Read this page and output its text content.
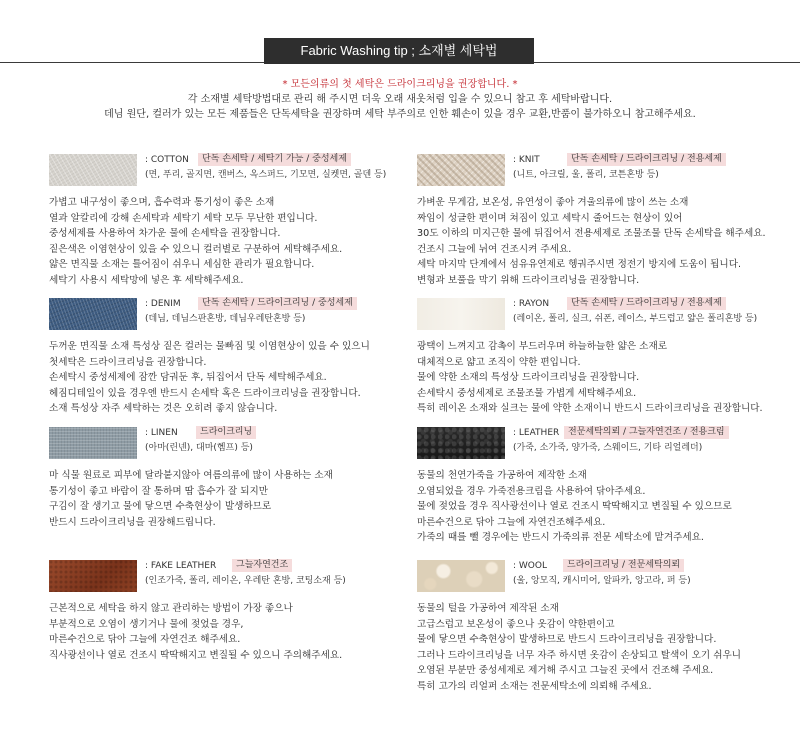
Fabric Washing tip ; 소재별 세탁법
* 모든의류의 첫 세탁은 드라이크리닝을 권장합니다. *
각 소재별 세탁방법대로 관리 해 주시면 더욱 오래 새옷처럼 입을 수 있으니 참고 후 세탁바랍니다.
데님 원단, 컬러가 있는 모든 제품들은 단독세탁을 권장하며 세탁 부주의로 인한 훼손이 있을 경우 교환,반품이 불가하오니 참고해주세요.
: COTTON	단독 손세탁 / 세탁기 가능 / 중성세제
(면, 푸리, 골지면, 캔버스, 옥스퍼드, 기모면, 실켓면, 골덴 등)
가볍고 내구성이 좋으며, 흡수력과 통기성이 좋은 소재
열과 알칼리에 강해 손세탁과 세탁기 세탁 모두 무난한 편입니다.
중성세제를 사용하여 차가운 물에 손세탁을 권장합니다.
짙은색은 이염현상이 있을 수 있으니 컬러별로 구분하여 세탁해주세요.
얇은 면직물 소재는 틀어짐이 쉬우니 세심한 관리가 필요합니다.
세탁기 사용시 세탁망에 넣은 후 세탁해주세요.
: KNIT	단독 손세탁 / 드라이크리닝 / 전용세제
(니트, 아크릴, 울, 폴리, 코튼혼방 등)
가벼운 무게감, 보온성, 유연성이 좋아 겨울의류에 많이 쓰는 소재
짜임이 성글한 편이며 쳐짐이 있고 세탁시 줄어드는 현상이 있어
30도 이하의 미지근한 물에 뒤집어서 전용세제로 조물조물 단독 손세탁을 해주세요.
건조시 그늘에 뉘여 건조시켜 주세요.
세탁 마지막 단계에서 섬유유연제로 헹궈주시면 정전기 방지에 도움이 됩니다.
변형과 보풀을 막기 위해 드라이크리닝을 권장합니다.
: DENIM	단독 손세탁 / 드라이크리닝 / 중성세제
(데님, 데님스판혼방, 데님우레탄혼방 등)
두꺼운 면직물 소재 특성상 짙은 컬러는 물빠짐 및 이염현상이 있을 수 있으니
첫세탁은 드라이크리닝을 권장합니다.
손세탁시 중성세제에 잠깐 담궈둔 후, 뒤집어서 단독 세탁해주세요.
헤짐디테일이 있을 경우엔 반드시 손세탁 혹은 드라이크리닝을 권장합니다.
소재 특성상 자주 세탁하는 것은 오히려 좋지 않습니다.
: RAYON	단독 손세탁 / 드라이크리닝 / 전용세제
(레이온, 폴리, 실크, 쉬폰, 레이스, 부드럽고 얇은 폴리혼방 등)
광택이 느껴지고 감촉이 부드러우며 하늘하늘한 얇은 소재로
대체적으로 얇고 조직이 약한 편입니다.
물에 약한 소재의 특성상 드라이크리닝을 권장합니다.
손세탁시 중성세제로 조물조물 가볍게 세탁해주세요.
특히 레이온 소재와 실크는 물에 약한 소재이니 반드시 드라이크리닝을 권장합니다.
: LINEN	드라이크리닝
(아마(린넨), 대마(헴프) 등)
마 식물 원료로 피부에 달라붙지않아 여름의류에 많이 사용하는 소재
통기성이 좋고 바람이 잘 통하며 땀 흡수가 잘 되지만
구김이 잘 생기고 물에 닿으면 수축현상이 발생하므로
반드시 드라이크리닝을 권장해드립니다.
: LEATHER 전문세탁의뢰 / 그늘자연건조 / 전용크림
(가죽, 소가죽, 양가죽, 스웨이드, 기타 리얼레더)
동물의 천연가죽을 가공하여 제작한 소재
오염되었을 경우 가죽전용크림을 사용하여 닦아주세요.
물에 젖었을 경우 직사광선이나 열로 건조시 딱딱해지고 변질될 수 있으므로
마른수건으로 닦아 그늘에 자연건조해주세요.
가죽의 때를 뺄 경우에는 반드시 가죽의류 전문 세탁소에 맡겨주세요.
: FAKE LEATHER	그늘자연건조
(인조가죽, 폴리, 레이온, 우레탄 혼방, 코팅소재 등)
근본적으로 세탁을 하지 않고 관리하는 방법이 가장 좋으나
부분적으로 오염이 생기거나 물에 젖었을 경우,
마른수건으로 닦아 그늘에 자연건조 해주세요.
직사광선이나 열로 건조시 딱딱해지고 변질될 수 있으니 주의해주세요.
: WOOL	드라이크리닝 / 전문세탁의뢰
(울, 앙모직, 캐시미어, 알파카, 앙고라, 퍼 등)
동물의 털을 가공하여 제작된 소재
고급스럽고 보온성이 좋으나 옷감이 약한편이고
물에 닿으면 수축현상이 발생하므로 반드시 드라이크리닝을 권장합니다.
그러나 드라이크리닝을 너무 자주 하시면 옷감이 손상되고 탈색이 오기 쉬우니
오염된 부분만 중성세제로 제거해 주시고 그늘진 곳에서 건조해 주세요.
특히 고가의 리얼퍼 소재는 전문세탁소에 의뢰해 주세요.
